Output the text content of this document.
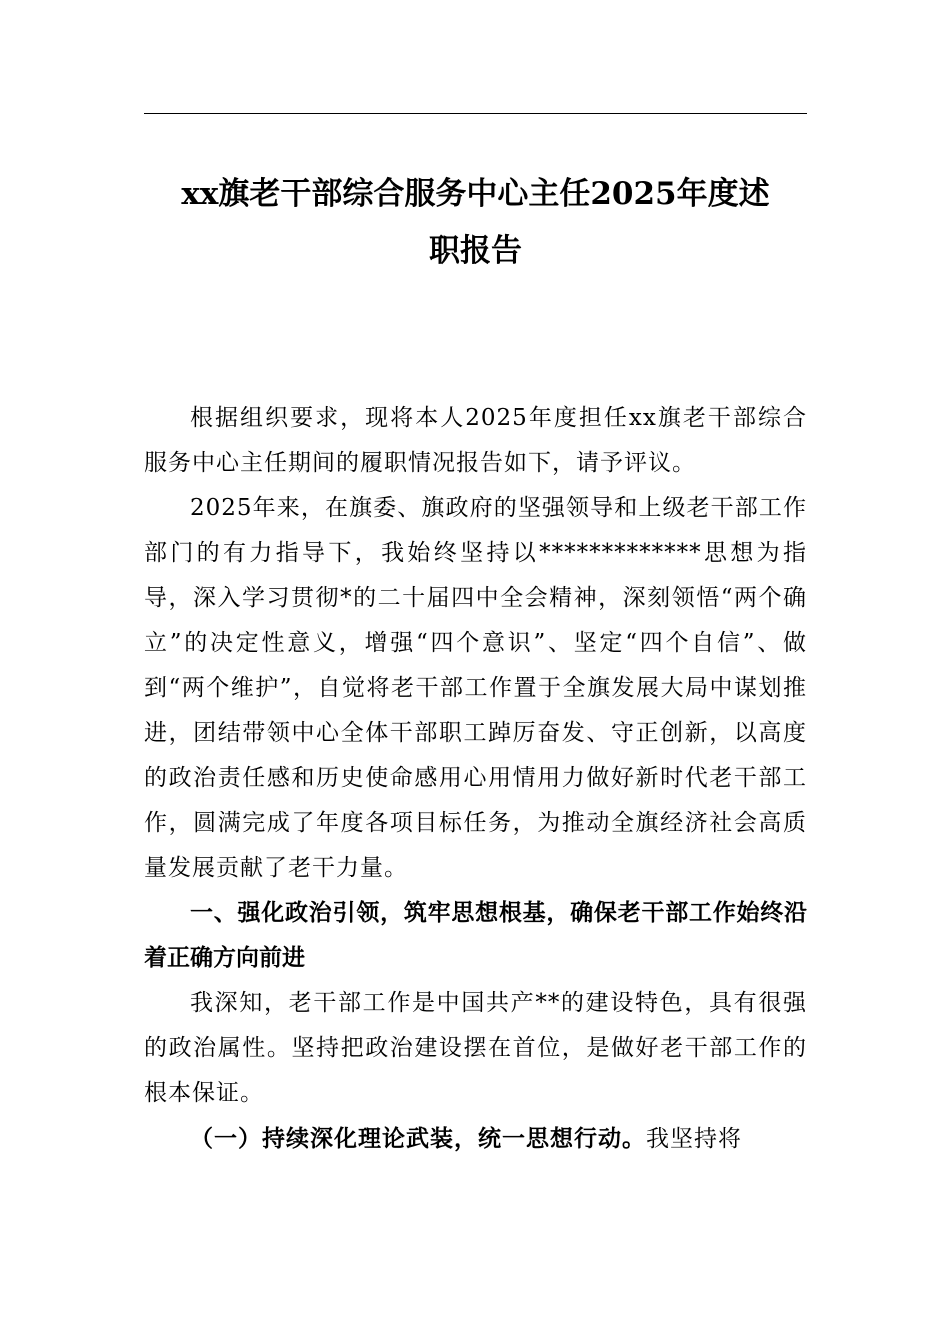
xx旗老干部综合服务中心主任2025年度述
职报告

根据组织要求，现将本人2025年度担任xx旗老干部综合服务中心主任期间的履职情况报告如下，请予评议。

2025年来，在旗委、旗政府的坚强领导和上级老干部工作部门的有力指导下，我始终坚持以*************思想为指导，深入学习贯彻*的二十届四中全会精神，深刻领悟“两个确立”的决定性意义，增强“四个意识”、坚定“四个自信”、做到“两个维护”，自觉将老干部工作置于全旗发展大局中谋划推进，团结带领中心全体干部职工踔厉奋发、守正创新，以高度的政治责任感和历史使命感用心用情用力做好新时代老干部工作，圆满完成了年度各项目标任务，为推动全旗经济社会高质量发展贡献了老干力量。

一、强化政治引领，筑牢思想根基，确保老干部工作始终沿着正确方向前进

我深知，老干部工作是中国共产**的建设特色，具有很强的政治属性。坚持把政治建设摆在首位，是做好老干部工作的根本保证。

（一）持续深化理论武装，统一思想行动。我坚持将
